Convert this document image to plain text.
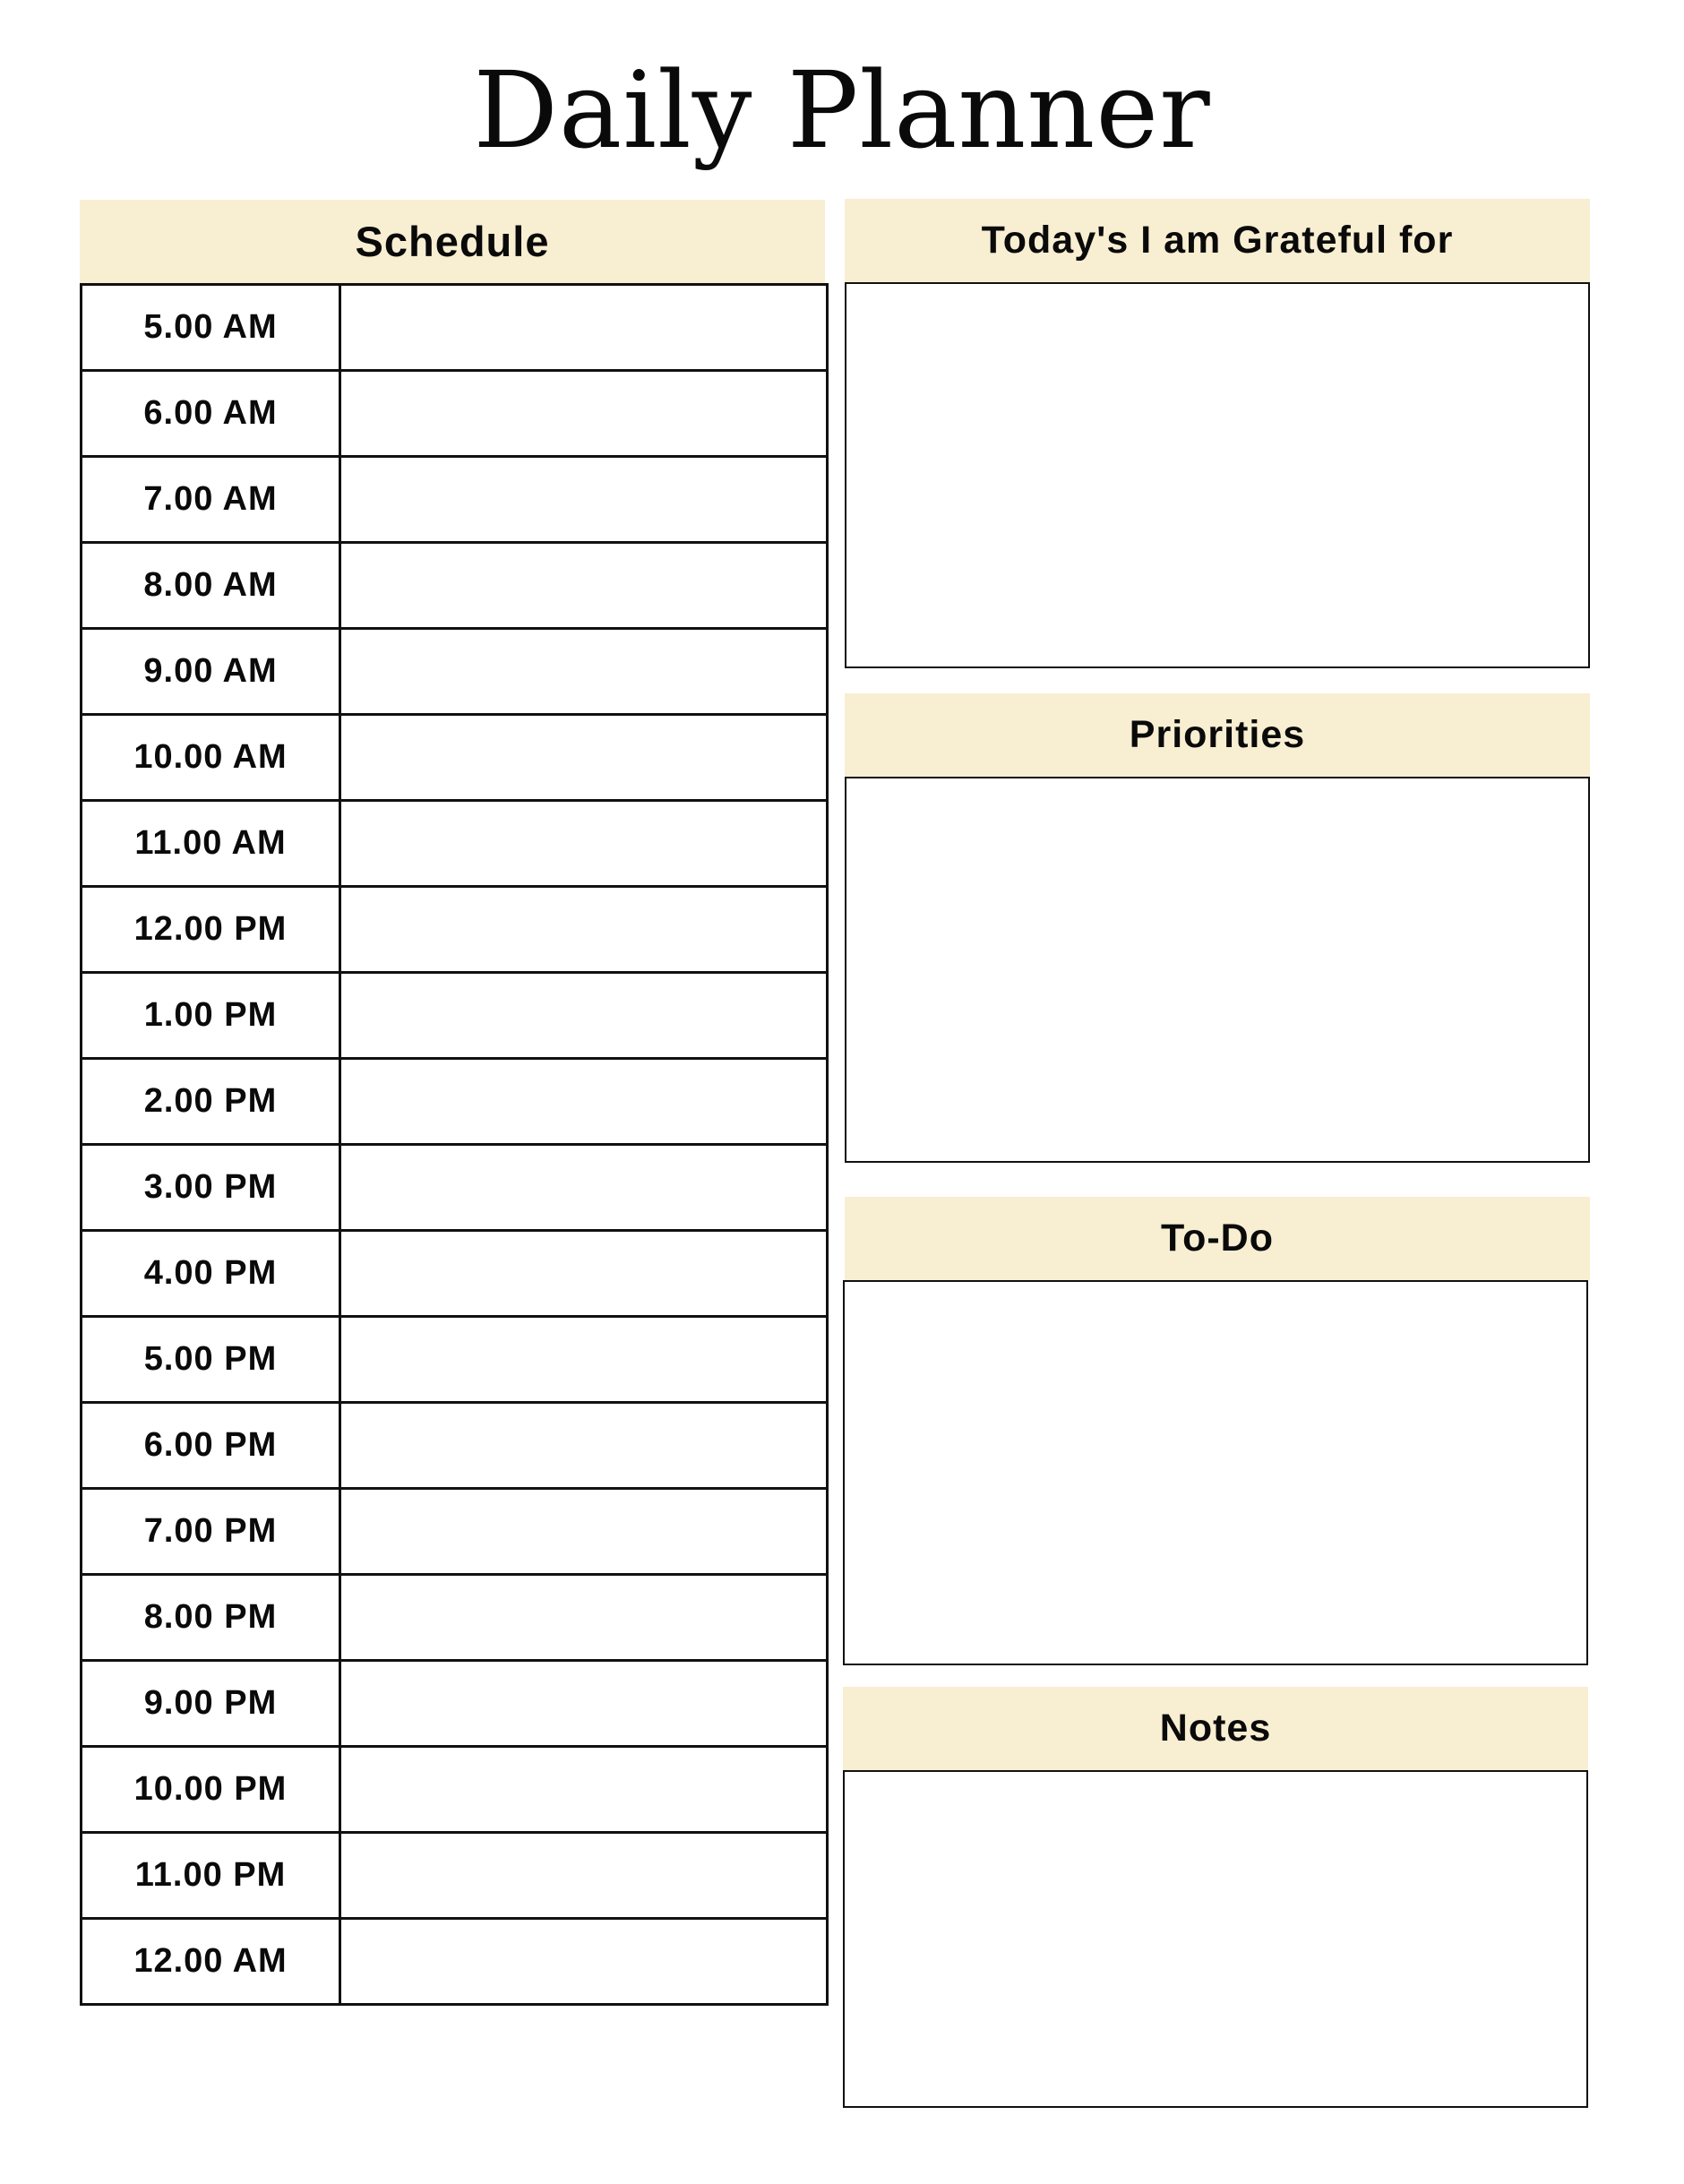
Daily Planner
Schedule
5.00 AM	
6.00 AM	
7.00 AM	
8.00 AM	
9.00 AM	
10.00 AM	
11.00 AM	
12.00 PM	
1.00 PM	
2.00 PM	
3.00 PM	
4.00 PM	
5.00 PM	
6.00 PM	
7.00 PM	
8.00 PM	
9.00 PM	
10.00 PM	
11.00 PM	
12.00 AM	
Today's I am Grateful for
Priorities
To-Do
Notes
